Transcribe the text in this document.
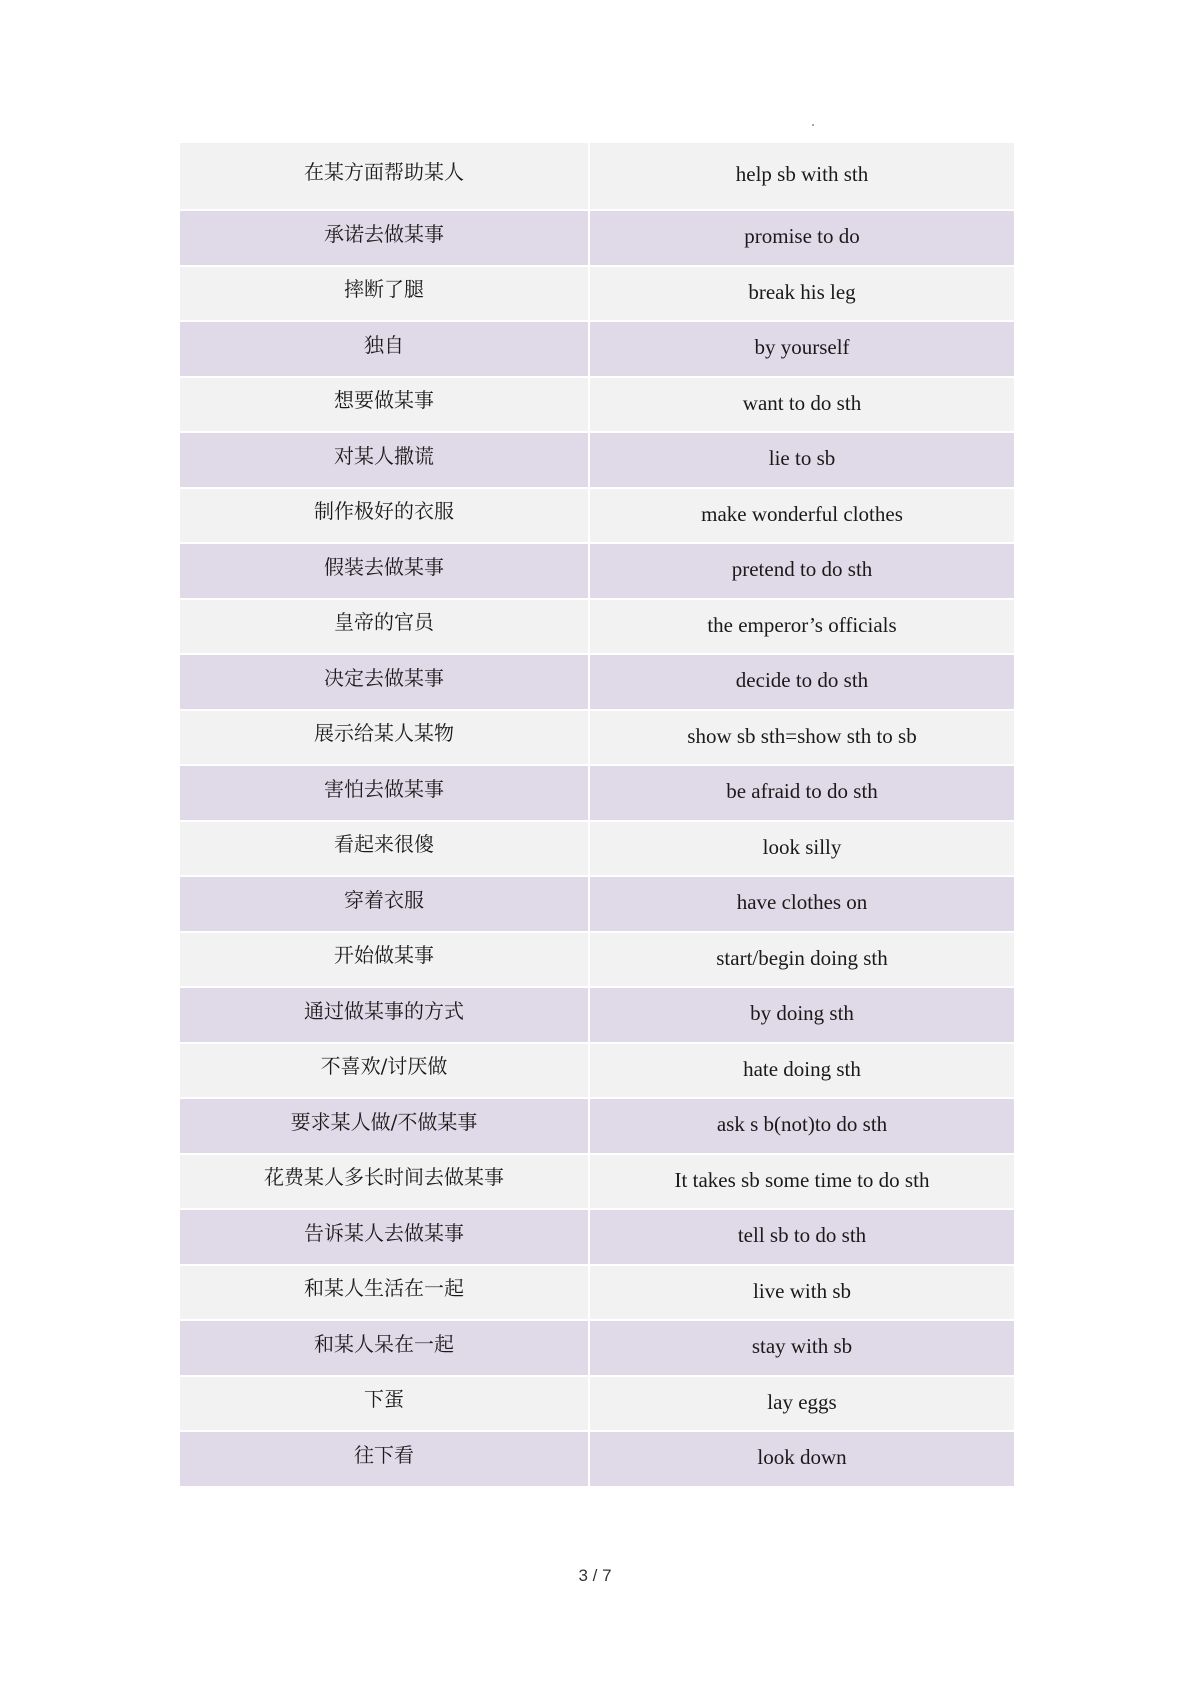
在某方面帮助某人	help sb with sth
承诺去做某事	promise to do
摔断了腿	break his leg
独自	by yourself
想要做某事	want to do sth
对某人撒谎	lie to sb
制作极好的衣服	make wonderful clothes
假装去做某事	pretend to do sth
皇帝的官员	the emperor’s officials
决定去做某事	decide to do sth
展示给某人某物	show sb sth=show sth to sb
害怕去做某事	be afraid to do sth
看起来很傻	look silly
穿着衣服	have clothes on
开始做某事	start/begin doing sth
通过做某事的方式	by doing sth
不喜欢/讨厌做	hate doing sth
要求某人做/不做某事	ask s b(not)to do sth
花费某人多长时间去做某事	It takes sb some time to do sth
告诉某人去做某事	tell sb to do sth
和某人生活在一起	live with sb
和某人呆在一起	stay with sb
下蛋	lay eggs
往下看	look down
3 / 7
